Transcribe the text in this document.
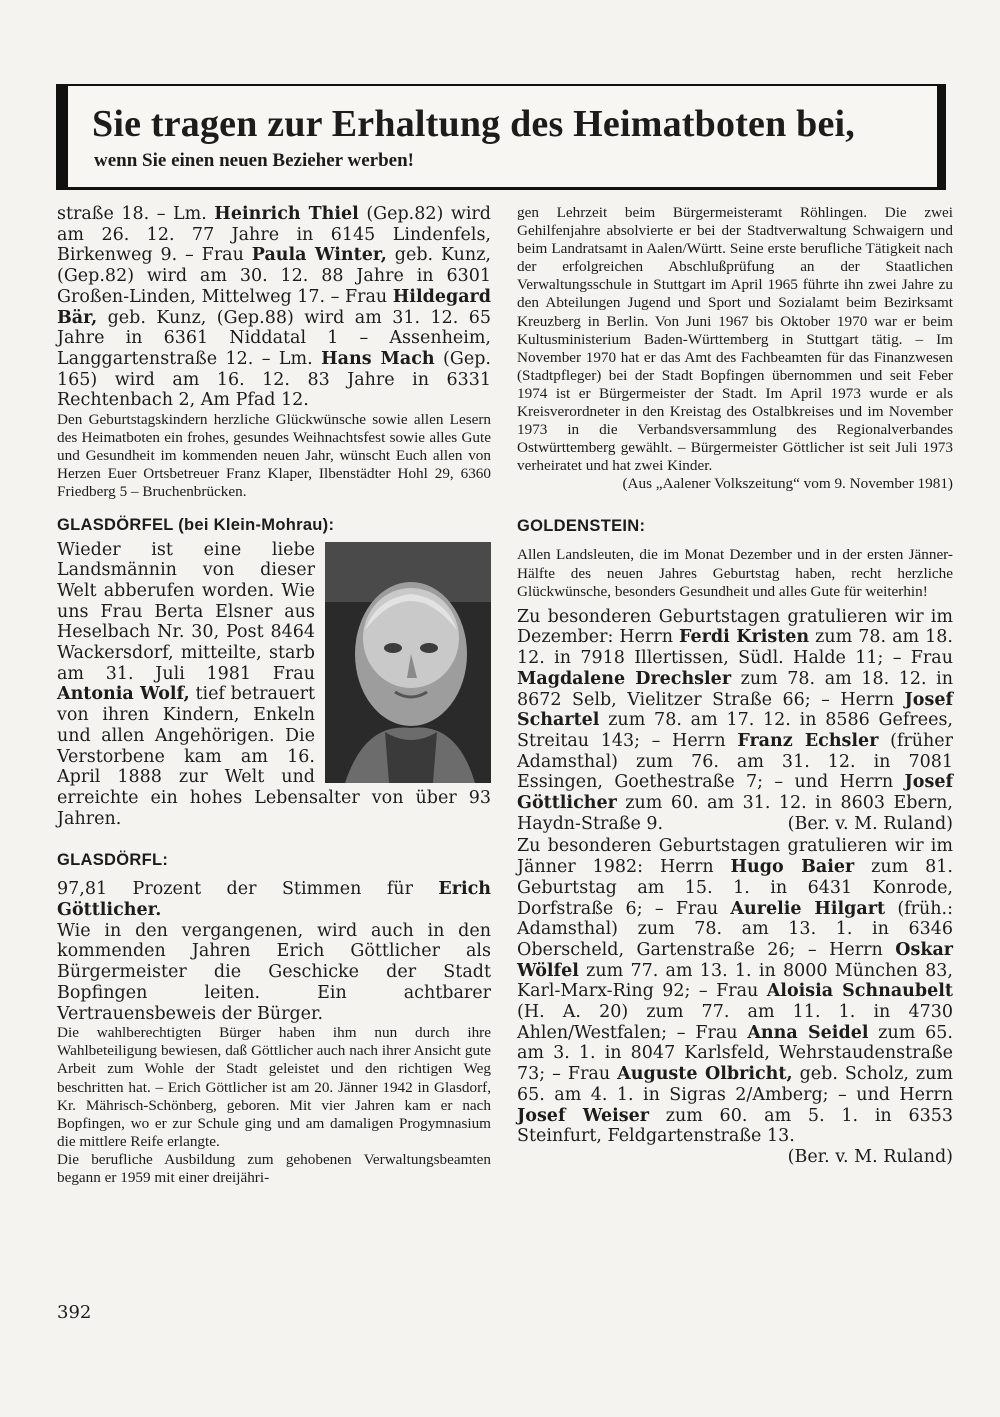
Sie tragen zur Erhaltung des Heimatboten bei,
wenn Sie einen neuen Bezieher werben!

straße 18. – Lm. Heinrich Thiel (Gep.82) wird am 26. 12. 77 Jahre in 6145 Lindenfels, Birkenweg 9. – Frau Paula Winter, geb. Kunz, (Gep.82) wird am 30. 12. 88 Jahre in 6301 Großen-Linden, Mittelweg 17. – Frau Hildegard Bär, geb. Kunz, (Gep.88) wird am 31. 12. 65 Jahre in 6361 Niddatal 1 – Assenheim, Langgartenstraße 12. – Lm. Hans Mach (Gep. 165) wird am 16. 12. 83 Jahre in 6331 Rechtenbach 2, Am Pfad 12.

Den Geburtstagskindern herzliche Glückwünsche sowie allen Lesern des Heimatboten ein frohes, gesundes Weihnachtsfest sowie alles Gute und Gesundheit im kommenden neuen Jahr, wünscht Euch allen von Herzen Euer Ortsbetreuer Franz Klaper, Ilbenstädter Hohl 29, 6360 Friedberg 5 – Bruchenbrücken.

GLASDÖRFEL (bei Klein-Mohrau):

Wieder ist eine liebe Landsmännin von dieser Welt abberufen worden. Wie uns Frau Berta Elsner aus Heselbach Nr. 30, Post 8464 Wackersdorf, mitteilte, starb am 31. Juli 1981 Frau Antonia Wolf, tief betrauert von ihren Kindern, Enkeln und allen Angehörigen. Die Verstorbene kam am 16. April 1888 zur Welt und erreichte ein hohes Lebensalter von über 93 Jahren.

GLASDÖRFL:

97,81 Prozent der Stimmen für Erich Göttlicher.

Wie in den vergangenen, wird auch in den kommenden Jahren Erich Göttlicher als Bürgermeister die Geschicke der Stadt Bopfingen leiten. Ein achtbarer Vertrauensbeweis der Bürger.

Die wahlberechtigten Bürger haben ihm nun durch ihre Wahlbeteiligung bewiesen, daß Göttlicher auch nach ihrer Ansicht gute Arbeit zum Wohle der Stadt geleistet und den richtigen Weg beschritten hat. – Erich Göttlicher ist am 20. Jänner 1942 in Glasdorf, Kr. Mährisch-Schönberg, geboren. Mit vier Jahren kam er nach Bopfingen, wo er zur Schule ging und am damaligen Progymnasium die mittlere Reife erlangte.

Die berufliche Ausbildung zum gehobenen Verwaltungsbeamten begann er 1959 mit einer dreijähri-

gen Lehrzeit beim Bürgermeisteramt Röhlingen. Die zwei Gehilfenjahre absolvierte er bei der Stadtverwaltung Schwaigern und beim Landratsamt in Aalen/Württ. Seine erste berufliche Tätigkeit nach der erfolgreichen Abschlußprüfung an der Staatlichen Verwaltungsschule in Stuttgart im April 1965 führte ihn zwei Jahre zu den Abteilungen Jugend und Sport und Sozialamt beim Bezirksamt Kreuzberg in Berlin. Von Juni 1967 bis Oktober 1970 war er beim Kultusministerium Baden-Württemberg in Stuttgart tätig. – Im November 1970 hat er das Amt des Fachbeamten für das Finanzwesen (Stadtpfleger) bei der Stadt Bopfingen übernommen und seit Feber 1974 ist er Bürgermeister der Stadt. Im April 1973 wurde er als Kreisverordneter in den Kreistag des Ostalbkreises und im November 1973 in die Verbandsversammlung des Regionalverbandes Ostwürttemberg gewählt. – Bürgermeister Göttlicher ist seit Juli 1973 verheiratet und hat zwei Kinder.

(Aus „Aalener Volkszeitung“ vom 9. November 1981)

GOLDENSTEIN:

Allen Landsleuten, die im Monat Dezember und in der ersten Jänner-Hälfte des neuen Jahres Geburtstag haben, recht herzliche Glückwünsche, besonders Gesundheit und alles Gute für weiterhin!

Zu besonderen Geburtstagen gratulieren wir im Dezember: Herrn Ferdi Kristen zum 78. am 18. 12. in 7918 Illertissen, Südl. Halde 11; – Frau Magdalene Drechsler zum 78. am 18. 12. in 8672 Selb, Vielitzer Straße 66; – Herrn Josef Schartel zum 78. am 17. 12. in 8586 Gefrees, Streitau 143; – Herrn Franz Echsler (früher Adamsthal) zum 76. am 31. 12. in 7081 Essingen, Goethestraße 7; – und Herrn Josef Göttlicher zum 60. am 31. 12. in 8603 Ebern, Haydn-Straße 9.	(Ber. v. M. Ruland)

Zu besonderen Geburtstagen gratulieren wir im Jänner 1982: Herrn Hugo Baier zum 81. Geburtstag am 15. 1. in 6431 Konrode, Dorfstraße 6; – Frau Aurelie Hilgart (früh.: Adamsthal) zum 78. am 13. 1. in 6346 Oberscheld, Gartenstraße 26; – Herrn Oskar Wölfel zum 77. am 13. 1. in 8000 München 83, Karl-Marx-Ring 92; – Frau Aloisia Schnaubelt (H. A. 20) zum 77. am 11. 1. in 4730 Ahlen/Westfalen; – Frau Anna Seidel zum 65. am 3. 1. in 8047 Karlsfeld, Wehrstaudenstraße 73; – Frau Auguste Olbricht, geb. Scholz, zum 65. am 4. 1. in Sigras 2/Amberg; – und Herrn Josef Weiser zum 60. am 5. 1. in 6353 Steinfurt, Feldgartenstraße 13.

(Ber. v. M. Ruland)

392
